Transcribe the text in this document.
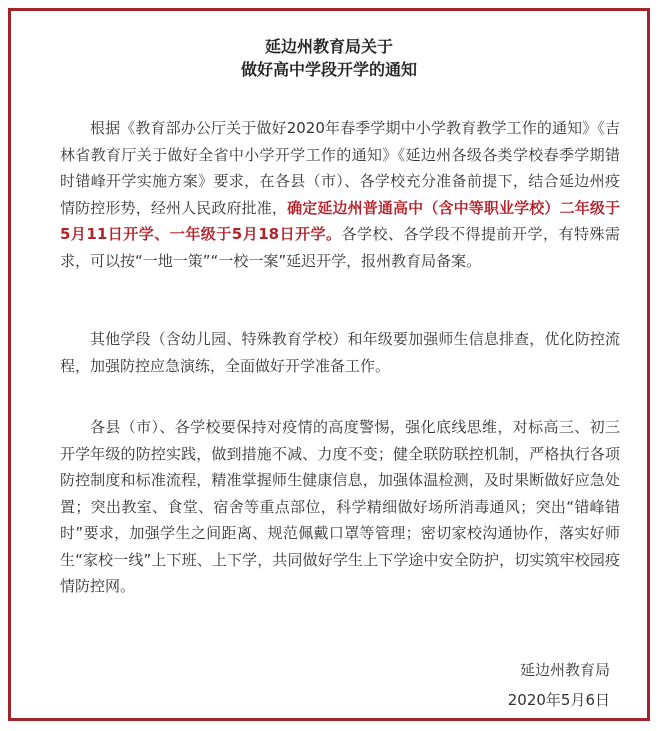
延边州教育局关于
做好高中学段开学的通知

根据《教育部办公厅关于做好2020年春季学期中小学教育教学工作的通知》《吉林省教育厅关于做好全省中小学开学工作的通知》《延边州各级各类学校春季学期错时错峰开学实施方案》要求，在各县（市）、各学校充分准备前提下，结合延边州疫情防控形势，经州人民政府批准，确定延边州普通高中（含中等职业学校）二年级于5月11日开学、一年级于5月18日开学。各学校、各学段不得提前开学，有特殊需求，可以按“一地一策”“一校一案”延迟开学，报州教育局备案。

其他学段（含幼儿园、特殊教育学校）和年级要加强师生信息排查，优化防控流程，加强防控应急演练，全面做好开学准备工作。

各县（市）、各学校要保持对疫情的高度警惕，强化底线思维，对标高三、初三开学年级的防控实践，做到措施不减、力度不变；健全联防联控机制，严格执行各项防控制度和标准流程，精准掌握师生健康信息，加强体温检测，及时果断做好应急处置；突出教室、食堂、宿舍等重点部位，科学精细做好场所消毒通风；突出“错峰错时”要求，加强学生之间距离、规范佩戴口罩等管理；密切家校沟通协作，落实好师生“家校一线”上下班、上下学，共同做好学生上下学途中安全防护，切实筑牢校园疫情防控网。

延边州教育局
2020年5月6日
